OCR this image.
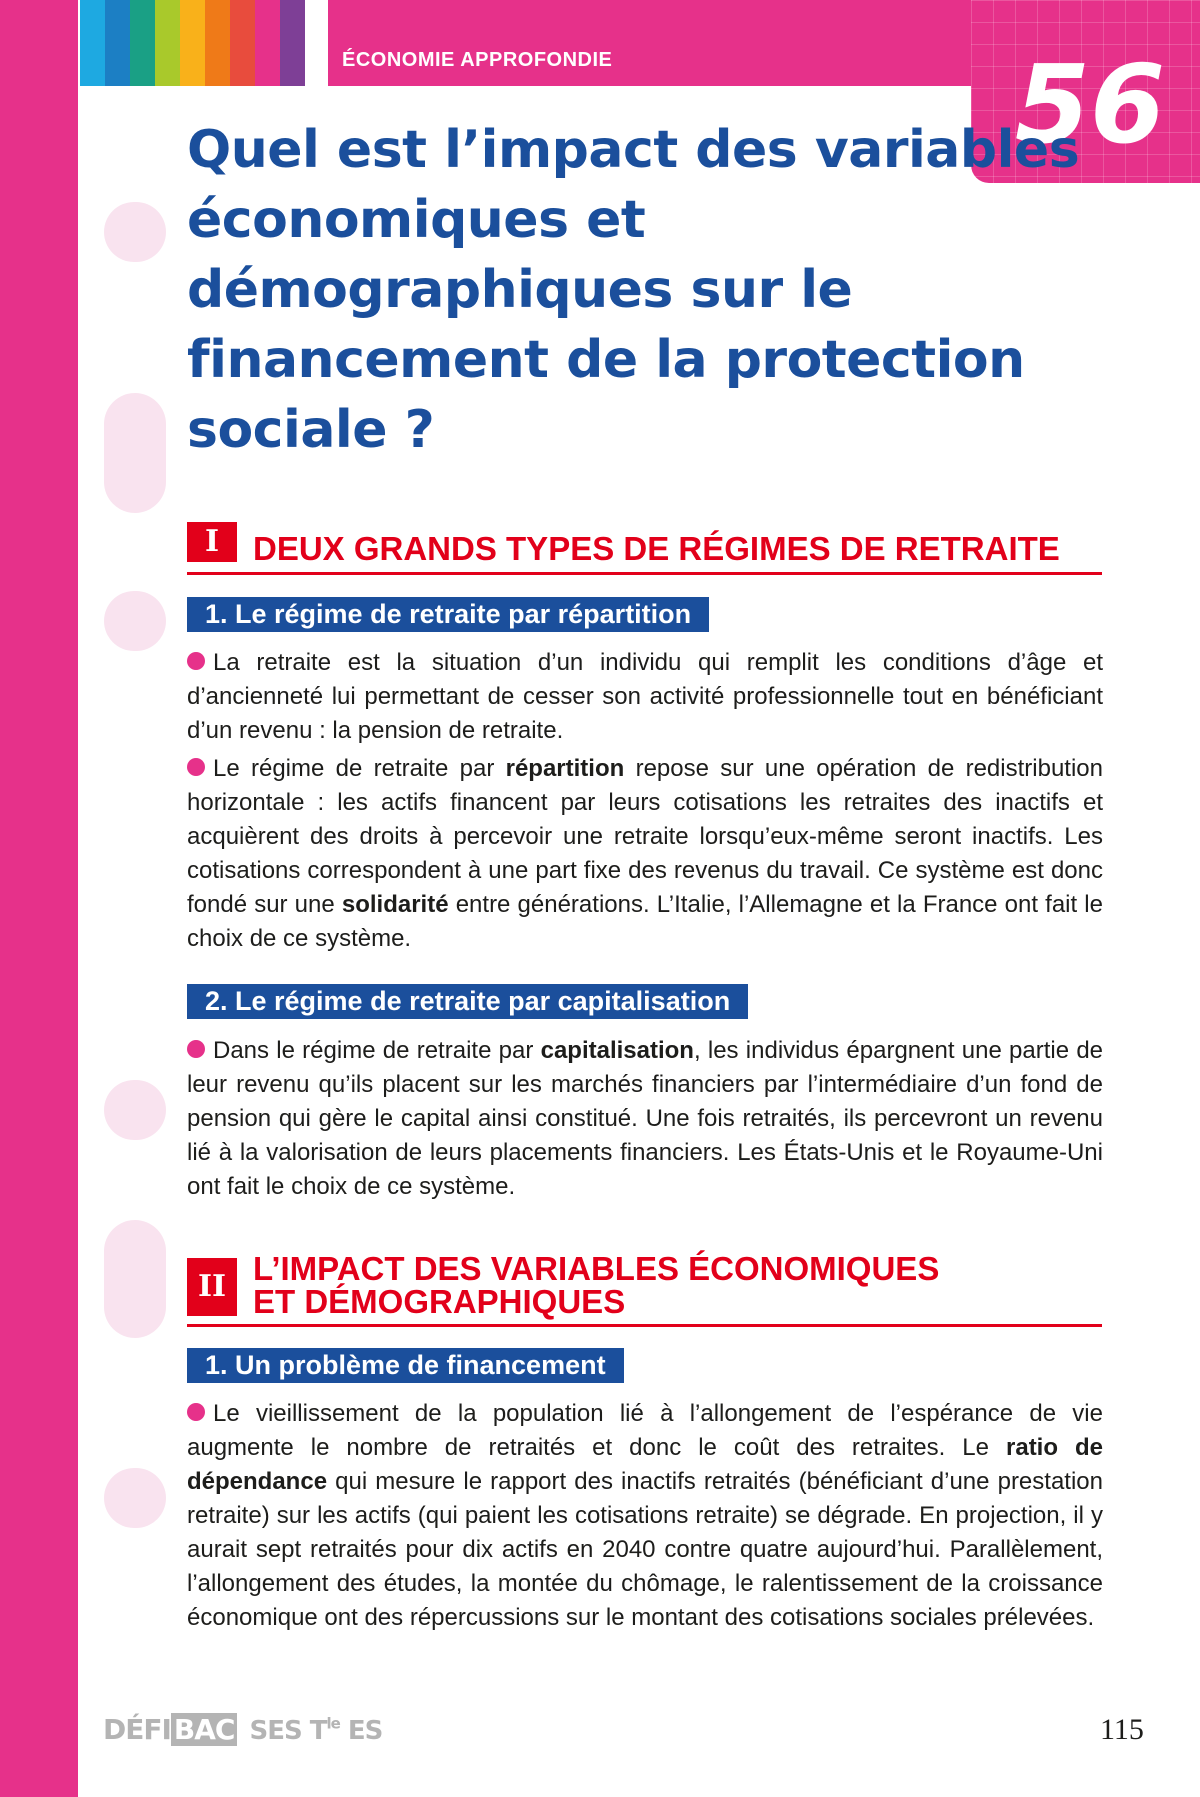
ÉCONOMIE APPROFONDIE	56
Quel est l’impact des variables économiques et démographiques sur le financement de la protection sociale ?
I	DEUX GRANDS TYPES DE RÉGIMES DE RETRAITE
1. Le régime de retraite par répartition

La retraite est la situation d’un individu qui remplit les conditions d’âge et d’ancienneté lui permettant de cesser son activité professionnelle tout en bénéficiant d’un revenu : la pension de retraite.

Le régime de retraite par répartition repose sur une opération de redistribution horizontale : les actifs financent par leurs cotisations les retraites des inactifs et acquièrent des droits à percevoir une retraite lorsqu’eux-même seront inactifs. Les cotisations correspondent à une part fixe des revenus du travail. Ce système est donc fondé sur une solidarité entre générations. L’Italie, l’Allemagne et la France ont fait le choix de ce système.

2. Le régime de retraite par capitalisation

Dans le régime de retraite par capitalisation, les individus épargnent une partie de leur revenu qu’ils placent sur les marchés financiers par l’intermédiaire d’un fond de pension qui gère le capital ainsi constitué. Une fois retraités, ils percevront un revenu lié à la valorisation de leurs placements financiers. Les États-Unis et le Royaume-Uni ont fait le choix de ce système.

II L’IMPACT DES VARIABLES ÉCONOMIQUES
ET DÉMOGRAPHIQUES
1. Un problème de financement

Le vieillissement de la population lié à l’allongement de l’espérance de vie augmente le nombre de retraités et donc le coût des retraites. Le ratio de dépendance qui mesure le rapport des inactifs retraités (bénéficiant d’une prestation retraite) sur les actifs (qui paient les cotisations retraite) se dégrade. En projection, il y aurait sept retraités pour dix actifs en 2040 contre quatre aujourd’hui. Parallèlement, l’allongement des études, la montée du chômage, le ralentissement de la croissance économique ont des répercussions sur le montant des cotisations sociales prélevées.

DÉFI BAC SES $T^{le}$ ES	115
